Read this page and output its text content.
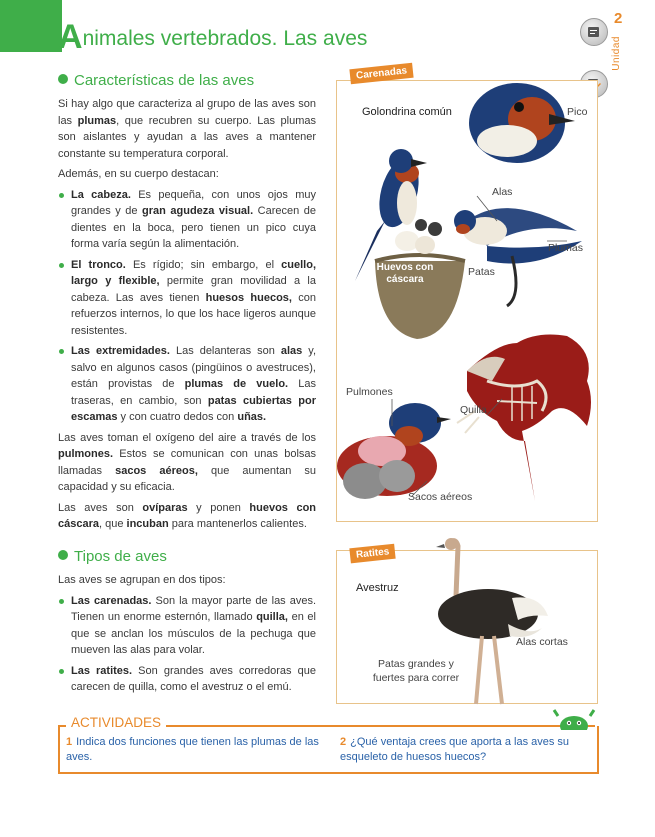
Animales vertebrados. Las aves
2
Unidad
Características de las aves

Si hay algo que caracteriza al grupo de las aves son las plumas, que recubren su cuerpo. Las plumas son aislantes y ayudan a las aves a mantener constante su temperatura corporal.

Además, en su cuerpo destacan:

La cabeza. Es pequeña, con unos ojos muy grandes y de gran agudeza visual. Carecen de dientes en la boca, pero tienen un pico cuya forma varía según la alimentación.
El tronco. Es rígido; sin embargo, el cuello, largo y flexible, permite gran movilidad a la cabeza. Las aves tienen huesos huecos, con refuerzos internos, lo que los hace ligeros aunque resistentes.
Las extremidades. Las delanteras son alas y, salvo en algunos casos (pingüinos o avestruces), están provistas de plumas de vuelo. Las traseras, en cambio, son patas cubiertas por escamas y con cuatro dedos con uñas.

Las aves toman el oxígeno del aire a través de los pulmones. Estos se comunican con unas bolsas llamadas sacos aéreos, que aumentan su capacidad y su eficacia.

Las aves son ovíparas y ponen huevos con cáscara, que incuban para mantenerlos calientes.

Tipos de aves

Las aves se agrupan en dos tipos:

Las carenadas. Son la mayor parte de las aves. Tienen un enorme esternón, llamado quilla, en el que se anclan los músculos de la pechuga que mueven las alas para volar.
Las ratites. Son grandes aves corredoras que carecen de quilla, como el avestruz o el emú.
Carenadas
Golondrina común	Pico
Alas
Plumas
Huevos con cáscara
Patas
Pulmones
Quilla
Sacos aéreos
Ratites
Avestruz
Alas cortas
Patas grandes y fuertes para correr
ACTIVIDADES
1 Indica dos funciones que tienen las plumas de las aves.
2 ¿Qué ventaja crees que aporta a las aves su esqueleto de huesos huecos?
